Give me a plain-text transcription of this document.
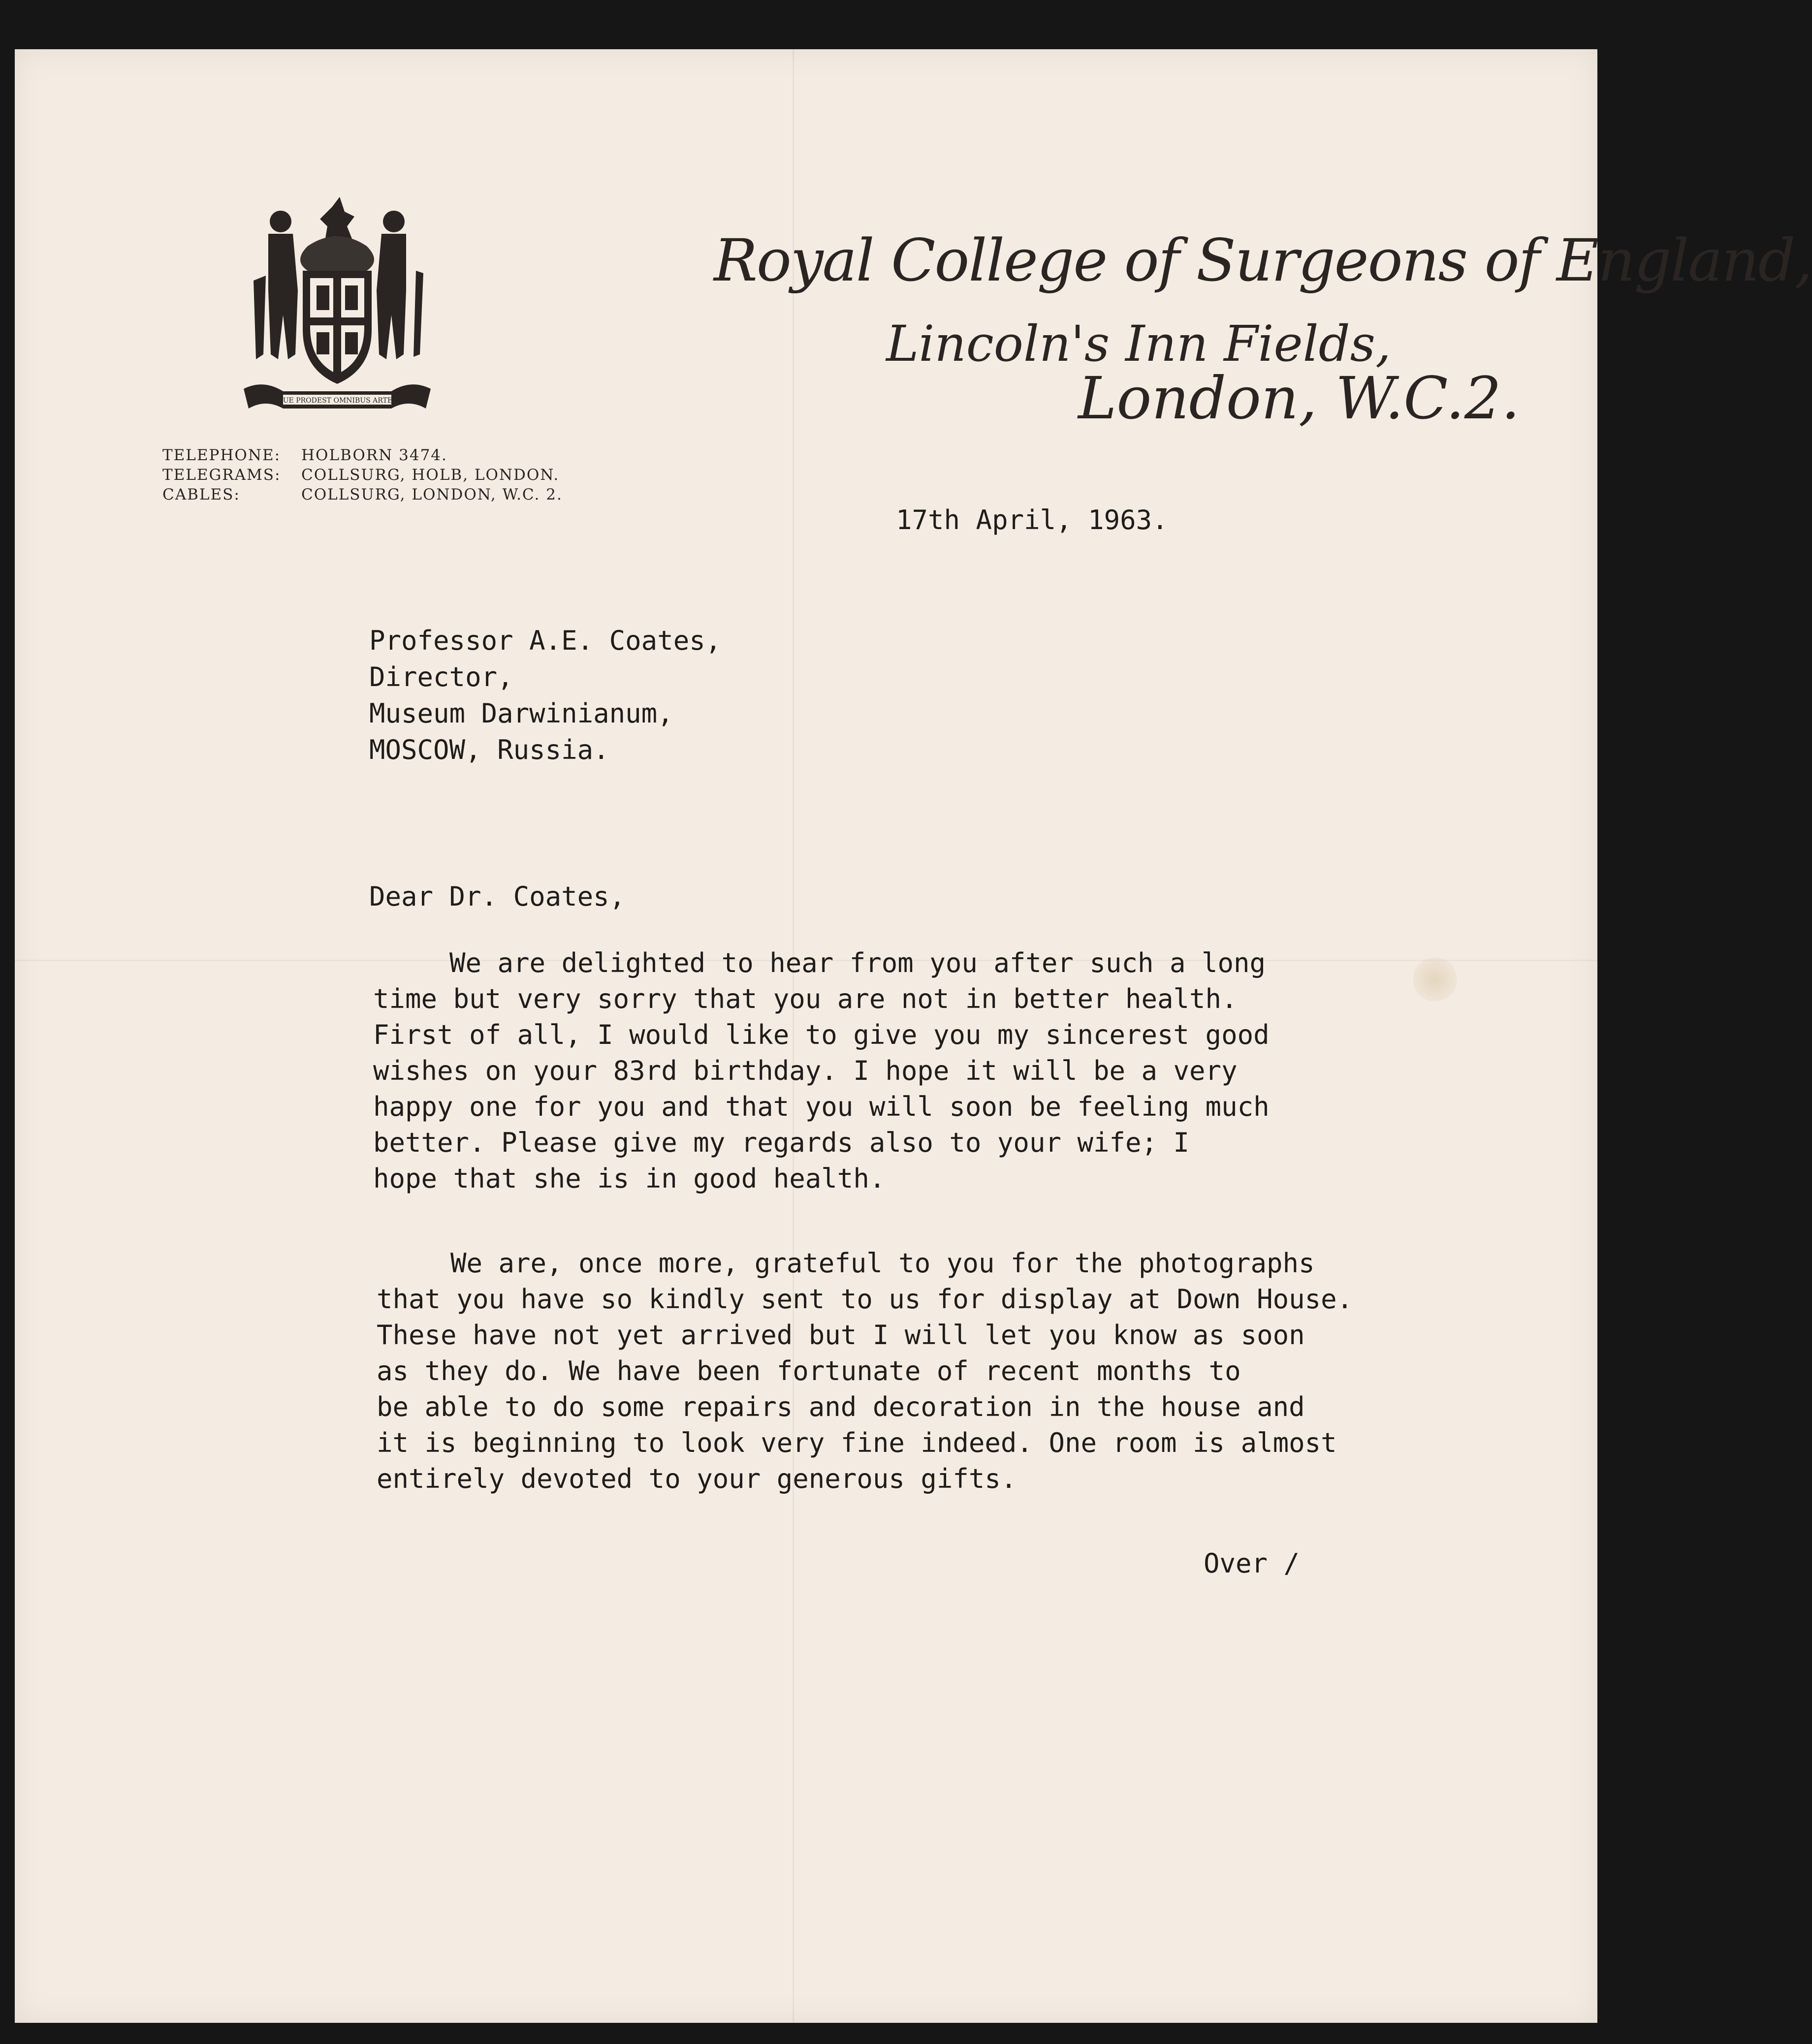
QUE PRODEST OMNIBUS ARTES
Royal College of Surgeons of England,
Lincoln's Inn Fields,
London, W.C.2.
TELEPHONE:	HOLBORN 3474.
TELEGRAMS:	COLLSURG, HOLB, LONDON.
CABLES:	COLLSURG, LONDON, W.C. 2.
17th April, 1963.
Professor A.E. Coates,
Director,
Museum Darwinianum,
MOSCOW, Russia.
Dear Dr. Coates,
We are delighted to hear from you after such a long
time but very sorry that you are not in better health.
First of all, I would like to give you my sincerest good
wishes on your 83rd birthday. I hope it will be a very
happy one for you and that you will soon be feeling much
better. Please give my regards also to your wife; I
hope that she is in good health.
We are, once more, grateful to you for the photographs
that you have so kindly sent to us for display at Down House.
These have not yet arrived but I will let you know as soon
as they do. We have been fortunate of recent months to
be able to do some repairs and decoration in the house and
it is beginning to look very fine indeed. One room is almost
entirely devoted to your generous gifts.
Over /
